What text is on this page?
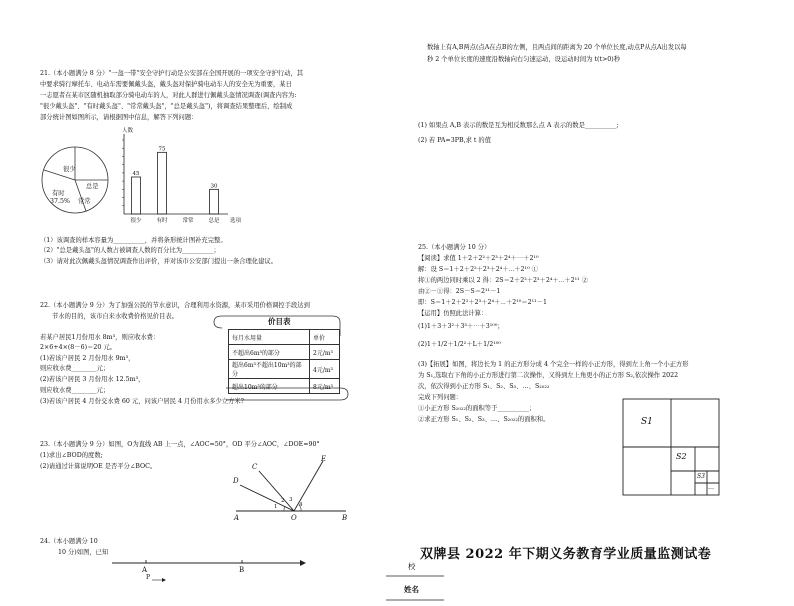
21.（本小题满分 8 分）"一盔一带"安全守护行动是公安部在全国开展的一项安全守护行动，其
中要求骑行摩托车、电动车需要佩戴头盔，戴头盔对保护骑电动车人的安全无为重要，某日
一志愿者在某市区随机抽取部分骑电动车的人，对此人群进行佩戴头盔情况调查(调查内容为:
"很少戴头盔"、"有时戴头盔"、"常常戴头盔"，"总是戴头盔")，将调查结果整理后，绘制成
部分统计图如图所示，请根据图中信息，解答下列问题：
很少
总是
有时
37.5% 常常
人数
选项
45
很少
75
有时	常常
30
总是
（1）该调查的样本容量为__________，并将条形统计图补充完整。
（2）"总是戴头盔"的人数占被调查人数的百分比为__________；
（3）请对此次佩戴头盔情况调查作出评价，并对该市公安部门提出一条合理化建议。
22.（本小题满分 9 分）为了加强公民的节水意识，合理利用水资源，某市采用价格调控手段达到
节水的目的，该市自来水收费价格见价目表。
若某户居民1月份用水 8m³，则应收水费：
2×6+4×(8－6)＝20 元。
(1)若该户居民 2 月份用水 9m³，
则应收水费________元；
(2)若该户居民 3 月份用水 12.5m³，
则应收水费________元；
(3)若该户居民 4 月份交水费 60 元，问该户居民 4 月份用水多少立方米?
价目表
每月水用量	单价
不超出6m³的部分	2元/m³
超出6m³不超出10m³的部分	4元/m³
超出10m³的部分	8元/m³
23.（本小题满分 9 分）如图，O为直线 AB 上一点，∠AOC=50°，OD 平分∠AOC，∠DOE=90°
(1)求出∠BOD的度数;
(2)请通过计算说明OE 是否平分∠BOC。	C
E
D
A	O	B
1
2 3
4
24.（本小题满分 10
10 分)如图，已知
A	B
P
数轴上有A,B两点(点A在点B的左侧，且两点间的距离为 20 个单位长度,动点P从点A出发以每
秒 2 个单位长度的速度沿数轴向右匀速运动，设运动时间为 t(t>0)秒
(1) 如果点 A,B 表示的数是互为相反数那么点 A 表示的数是__________;
(2) 若 PA=3PB,求 t 的值
25.（本小题满分 10 分）
【阅读】求值 1＋2＋2²＋2³＋2⁴＋⋯＋2¹⁰
解：设 S＝1＋2＋2²＋2³＋2⁴＋⋯＋2¹⁰ ①
将①的两边同时乘以 2 得：2S＝2＋2²＋2³＋2⁴＋⋯＋2¹¹ ②
由②－①得：2S－S＝2¹¹－1
即：S＝1＋2＋2²＋2³＋2⁴＋⋯＋2¹⁰＝2¹¹－1
【运用】仿照此法计算：
(1)1＋3＋3²＋3³＋⋯＋3¹⁰⁰；
(2)1＋1/2＋1/2²＋L＋1/2¹⁰⁰
(3)【拓展】如图，将边长为 1 的正方形分成 4 个完全一样的小正方形，得到左上角一个小正方形
为 S₁,选取右下角的小正方形进行第二次操作，又得到左上角更小的正方形 S₂,依次操作 2022
次，依次得到小正方形 S₁、S₂、S₃、…、S₂₀₂₂
完成下列问题：
①小正方形 S₂₀₂₂的面积等于__________；
②求正方形 S₁、S₂、S₃、…、S₂₀₂₂的面积和。	S1
S2
S3
…
双牌县 2022 年下期义务教育学业质量监测试卷
校
姓名
